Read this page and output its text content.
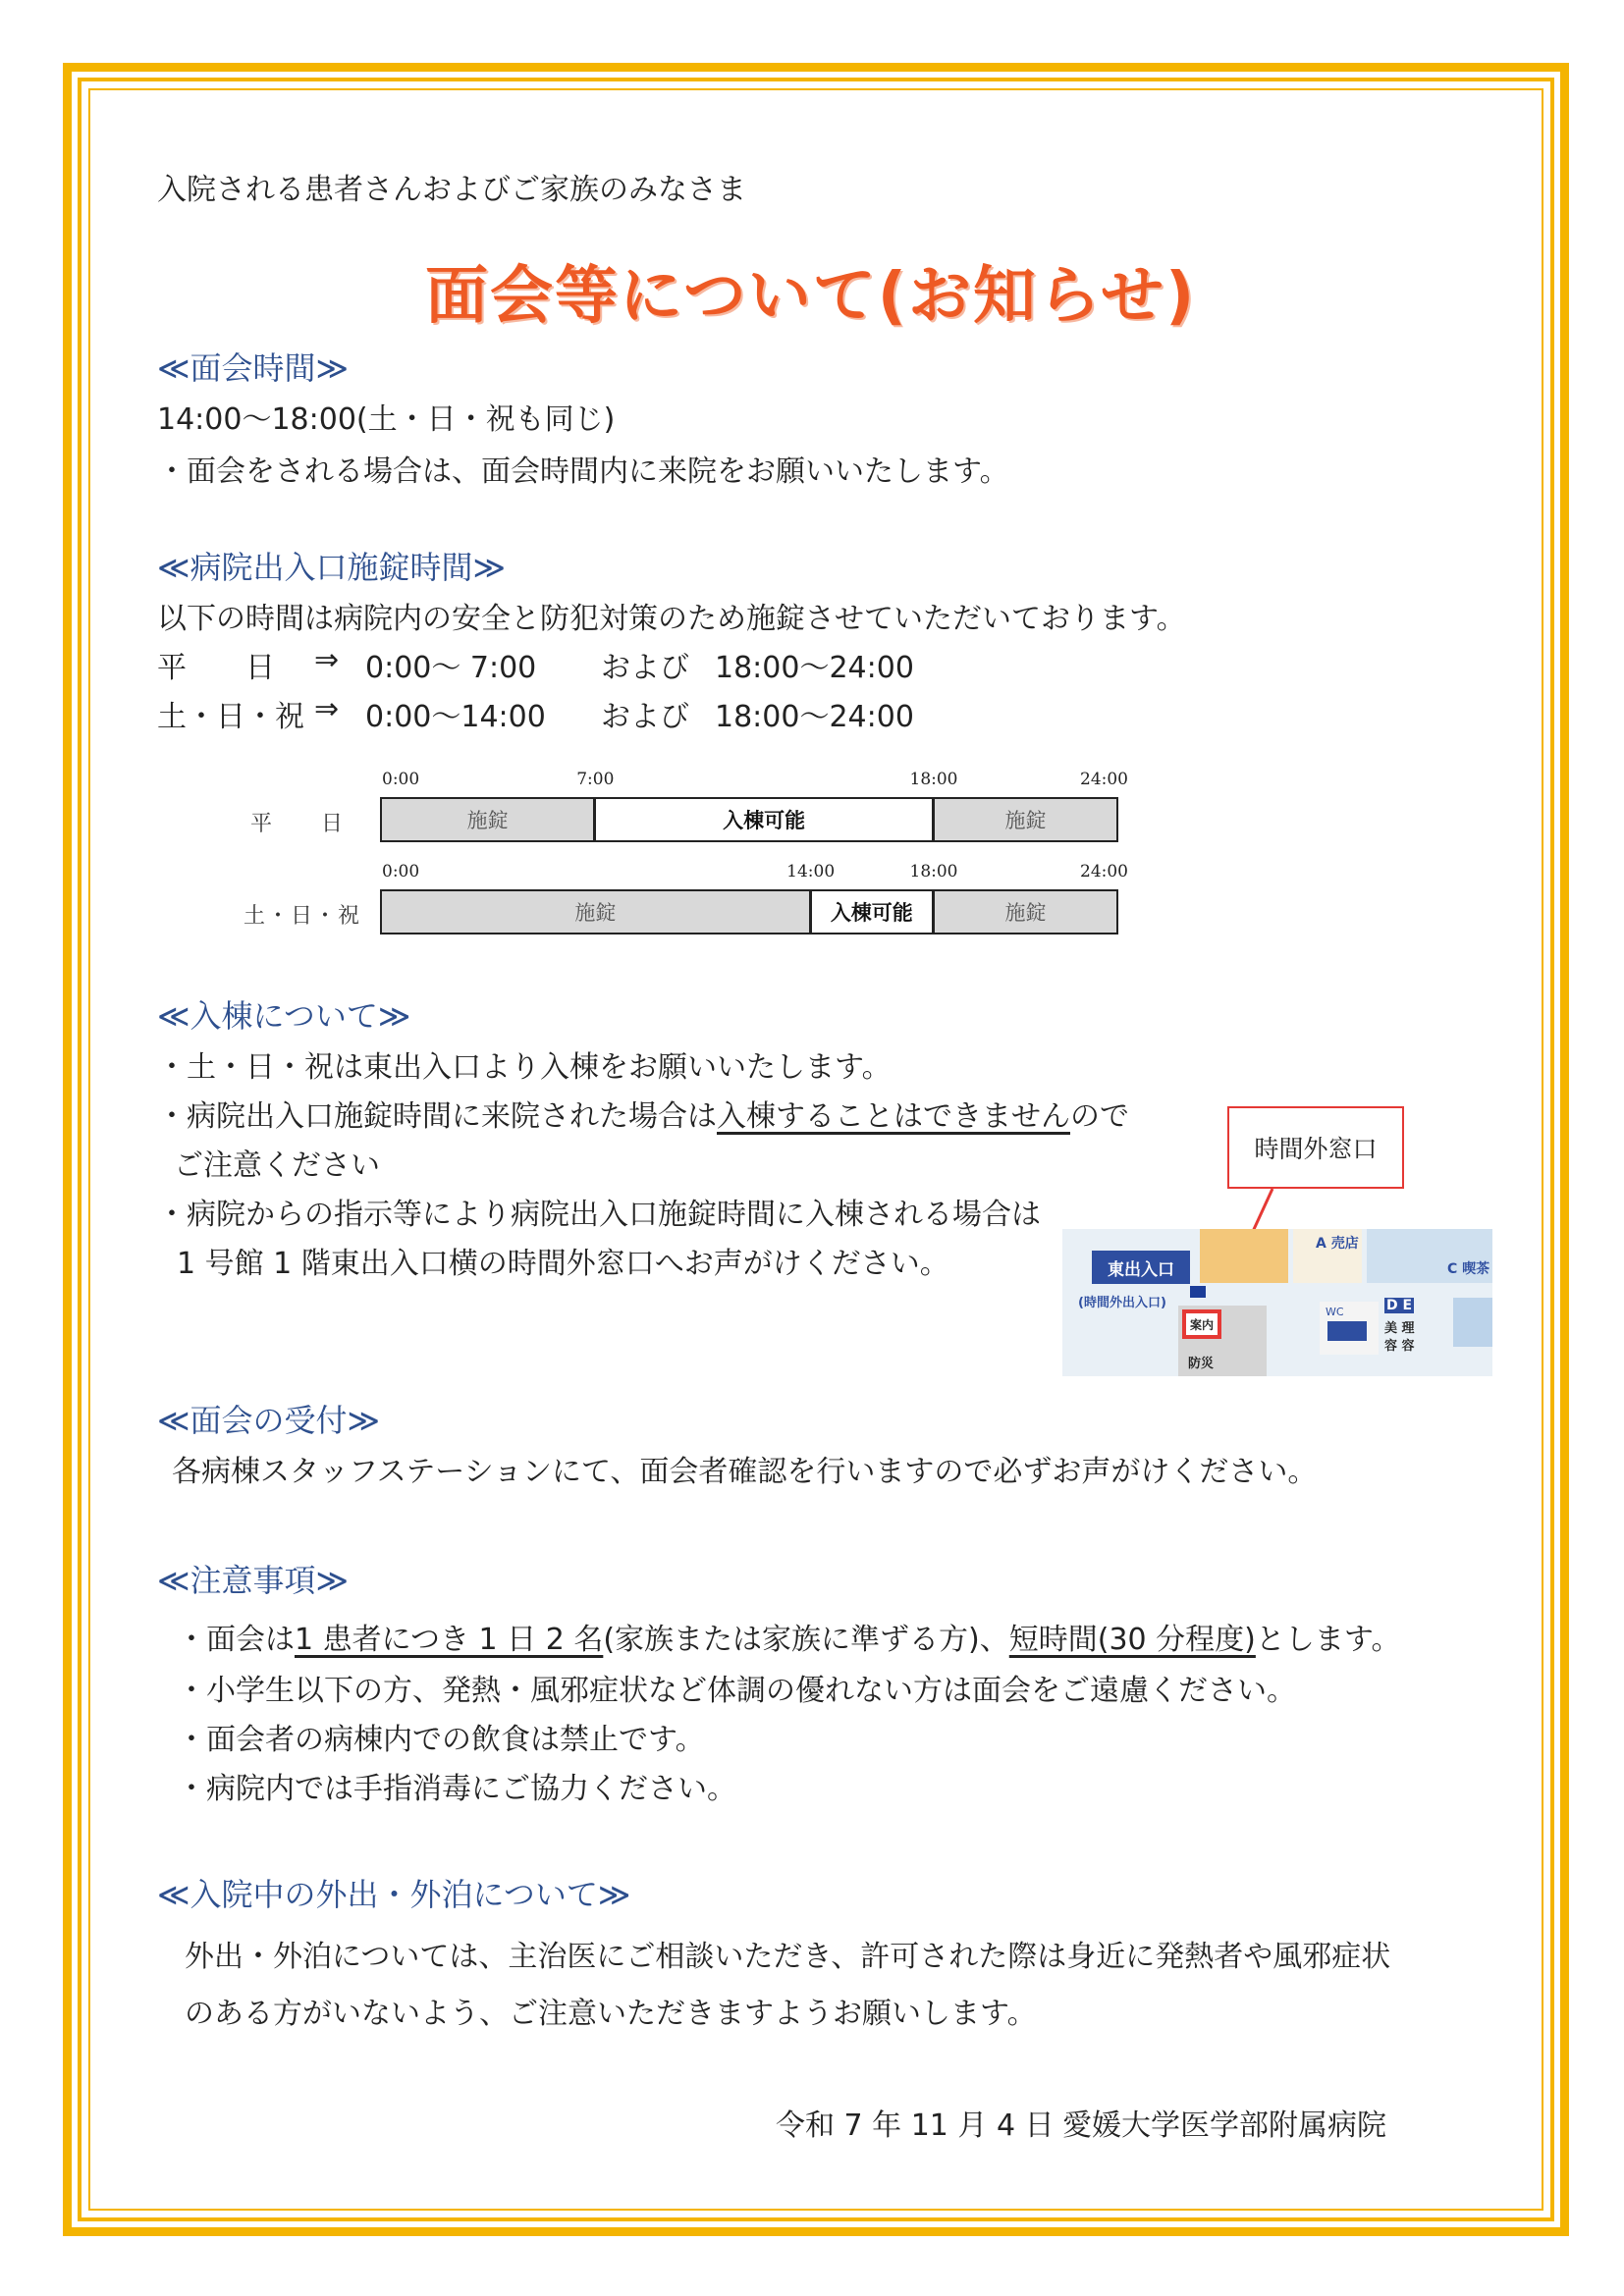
入院される患者さんおよびご家族のみなさま
面会等について(お知らせ)
≪面会時間≫
14:00～18:00(土・日・祝も同じ)
・面会をされる場合は、面会時間内に来院をお願いいたします。
≪病院出入口施錠時間≫
以下の時間は病院内の安全と防犯対策のため施錠させていただいております。
平　　日 ⇒ 0:00～ 7:00 および 18:00～24:00
土・日・祝 ⇒ 0:00～14:00 および 18:00～24:00
平　　日
0:00	7:00	18:00	24:00
施錠	入棟可能	施錠
土・日・祝
0:00	14:00	18:00	24:00
施錠	入棟可能	施錠
≪入棟について≫
・土・日・祝は東出入口より入棟をお願いいたします。
・病院出入口施錠時間に来院された場合は入棟することはできませんので
ご注意ください
・病院からの指示等により病院出入口施錠時間に入棟される場合は
1 号館 1 階東出入口横の時間外窓口へお声がけください。
時間外窓口
東出入口
(時間外出入口)
案内
防災
A 売店
C 喫茶
WC	D E
美 理
容 容
≪面会の受付≫
各病棟スタッフステーションにて、面会者確認を行いますので必ずお声がけください。
≪注意事項≫
・面会は1 患者につき 1 日 2 名(家族または家族に準ずる方)、短時間(30 分程度)とします。
・小学生以下の方、発熱・風邪症状など体調の優れない方は面会をご遠慮ください。
・面会者の病棟内での飲食は禁止です。
・病院内では手指消毒にご協力ください。
≪入院中の外出・外泊について≫
外出・外泊については、主治医にご相談いただき、許可された際は身近に発熱者や風邪症状
のある方がいないよう、ご注意いただきますようお願いします。
令和 7 年 11 月 4 日 愛媛大学医学部附属病院
